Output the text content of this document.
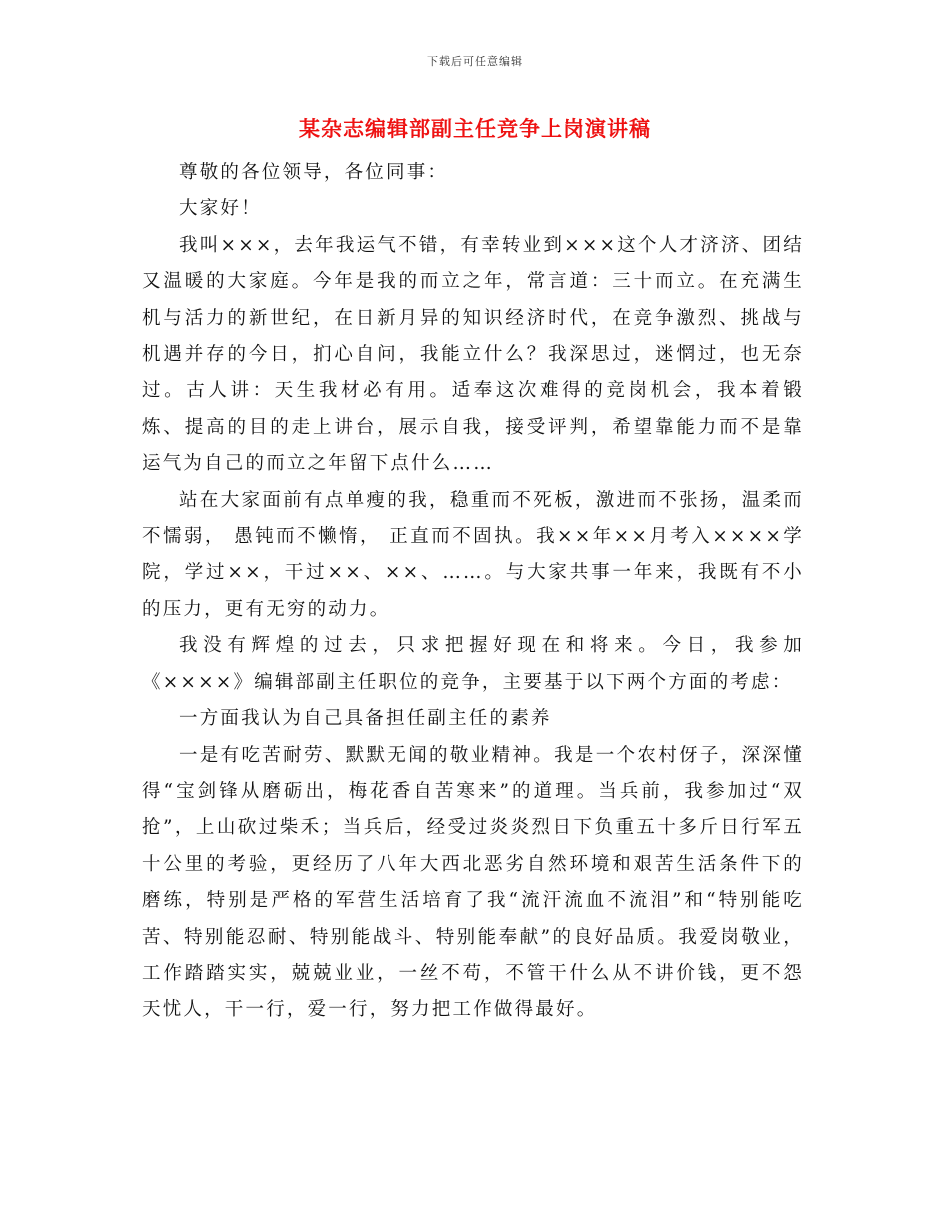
下载后可任意编辑
某杂志编辑部副主任竞争上岗演讲稿

尊敬的各位领导，各位同事：

大家好！

我叫×××，去年我运气不错，有幸转业到×××这个人才济济、团结又温暖的大家庭。今年是我的而立之年，常言道：三十而立。在充满生机与活力的新世纪，在日新月异的知识经济时代，在竞争激烈、挑战与机遇并存的今日，扪心自问，我能立什么？我深思过，迷惘过，也无奈过。古人讲：天生我材必有用。适奉这次难得的竞岗机会，我本着锻炼、提高的目的走上讲台，展示自我，接受评判，希望靠能力而不是靠运气为自己的而立之年留下点什么……

站在大家面前有点单瘦的我，稳重而不死板，激进而不张扬，温柔而不懦弱， 愚钝而不懒惰， 正直而不固执。我××年××月考入××××学院，学过××，干过××、××、……。与大家共事一年来，我既有不小的压力，更有无穷的动力。

我没有辉煌的过去，只求把握好现在和将来。今日，我参加《××××》编辑部副主任职位的竞争，主要基于以下两个方面的考虑：

一方面我认为自己具备担任副主任的素养

一是有吃苦耐劳、默默无闻的敬业精神。我是一个农村伢子，深深懂得“宝剑锋从磨砺出，梅花香自苦寒来”的道理。当兵前，我参加过“双抢”，上山砍过柴禾；当兵后，经受过炎炎烈日下负重五十多斤日行军五十公里的考验，更经历了八年大西北恶劣自然环境和艰苦生活条件下的磨练，特别是严格的军营生活培育了我“流汗流血不流泪”和“特别能吃苦、特别能忍耐、特别能战斗、特别能奉献”的良好品质。我爱岗敬业，工作踏踏实实，兢兢业业，一丝不苟，不管干什么从不讲价钱，更不怨天忧人，干一行，爱一行，努力把工作做得最好。
